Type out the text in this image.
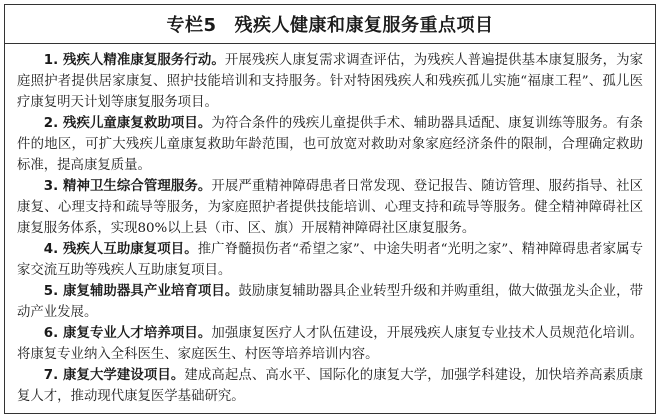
专栏5 残疾人健康和康复服务重点项目

1. 残疾人精准康复服务行动。开展残疾人康复需求调查评估，为残疾人普遍提供基本康复服务，为家庭照护者提供居家康复、照护技能培训和支持服务。针对特困残疾人和残疾孤儿实施“福康工程”、孤儿医疗康复明天计划等康复服务项目。

2. 残疾儿童康复救助项目。为符合条件的残疾儿童提供手术、辅助器具适配、康复训练等服务。有条件的地区，可扩大残疾儿童康复救助年龄范围，也可放宽对救助对象家庭经济条件的限制，合理确定救助标准，提高康复质量。

3. 精神卫生综合管理服务。开展严重精神障碍患者日常发现、登记报告、随访管理、服药指导、社区康复、心理支持和疏导等服务，为家庭照护者提供技能培训、心理支持和疏导等服务。健全精神障碍社区康复服务体系，实现80%以上县（市、区、旗）开展精神障碍社区康复服务。

4. 残疾人互助康复项目。推广脊髓损伤者“希望之家”、中途失明者“光明之家”、精神障碍患者家属专家交流互助等残疾人互助康复项目。

5. 康复辅助器具产业培育项目。鼓励康复辅助器具企业转型升级和并购重组，做大做强龙头企业，带动产业发展。

6. 康复专业人才培养项目。加强康复医疗人才队伍建设，开展残疾人康复专业技术人员规范化培训。将康复专业纳入全科医生、家庭医生、村医等培养培训内容。

7. 康复大学建设项目。建成高起点、高水平、国际化的康复大学，加强学科建设，加快培养高素质康复人才，推动现代康复医学基础研究。
